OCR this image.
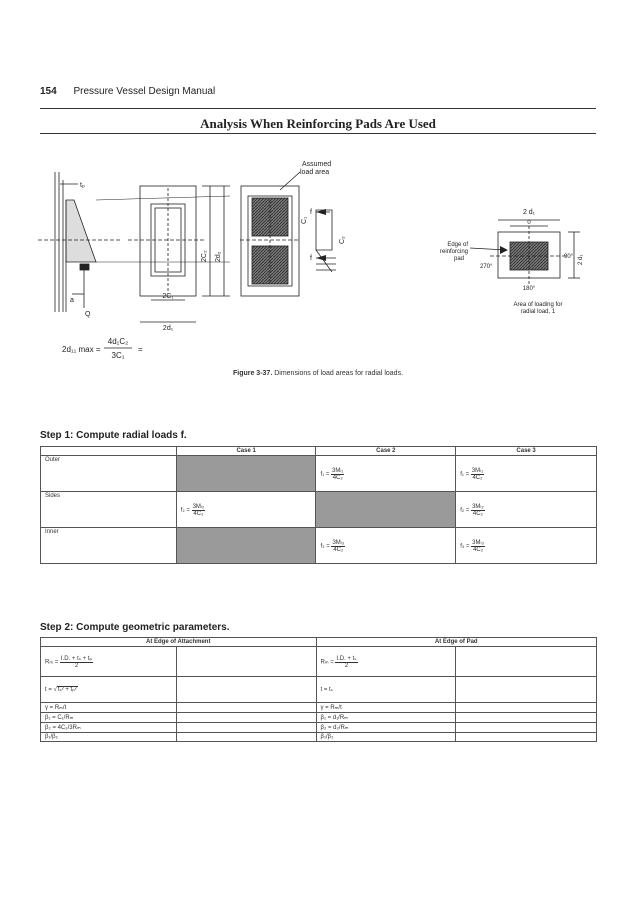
154 Pressure Vessel Design Manual
Analysis When Reinforcing Pads Are Used
tₚ
a
Q
2C₁
2d₁
2C₂ 2d₂
Assumed
load area
f
f
C₁
C₂
2 d₁
0
90° 2 d₁
270°
180°
Edge of
reinforcing
pad
Area of loading for
radial load, 1
2d₁₁ max =
4d₁C₂
3C₁
=
Figure 3-37. Dimensions of load areas for radial loads.
Step 1: Compute radial loads f.
	Case 1	Case 2	Case 3
Outer		$f_1 = \frac{\text{3Mₗ₁}}{\text{4C₂}}$	$f_1 = \frac{\text{3Mₗ₁}}{\text{4C₂}}$

Sides	$f_2 = \frac{\text{3Mₗ₂}}{\text{4C₂}}$		$f_2 = \frac{\text{3Mₗ₂}}{\text{4C₂}}$

Inner		$f_3 = \frac{\text{3Mₗ₃}}{\text{4C₂}}$	$f_3 = \frac{\text{3Mₗ₃}}{\text{4C₂}}$
Step 2: Compute geometric parameters.
At Edge of Attachment		At Edge of Pad	
$R_m = \frac{\text{I.D. + tₛ + tₚ}}{2}$		$R_m = \frac{\text{I.D. + tₛ}}{2}$

t = √tₛ² + tₚ²		t = tₛ	
γ = Rₘ/t		γ = Rₘ/t	
β₁ = C₁/Rₘ		β₁ = d₁/Rₘ	
β₂ = 4C₂/3Rₘ		β₂ = d₂/Rₘ	
β₁/β₂		β₁/β₂	
